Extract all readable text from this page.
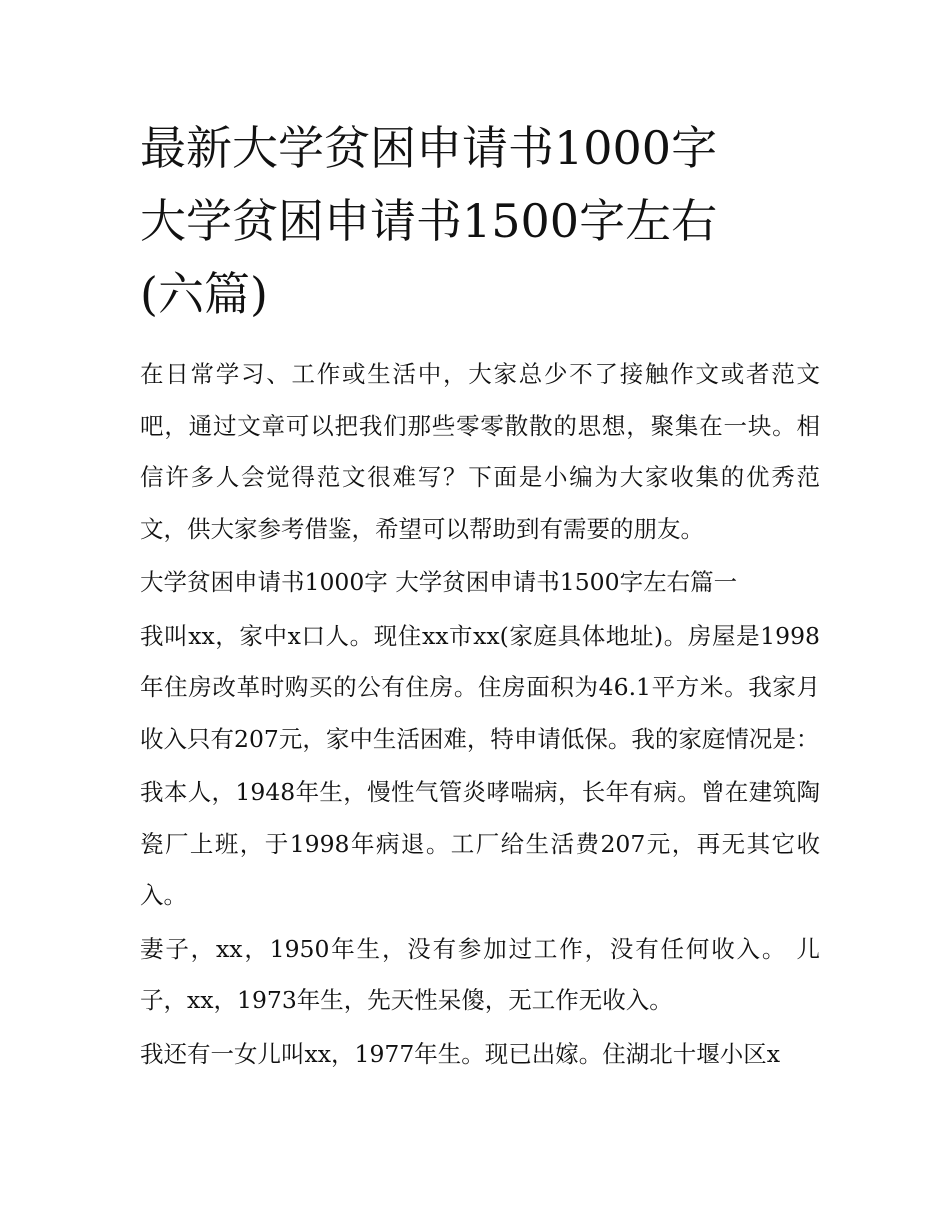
最新大学贫困申请书1000字
大学贫困申请书1500字左右
(六篇)

在日常学习、工作或生活中，大家总少不了接触作文或者范文吧，通过文章可以把我们那些零零散散的思想，聚集在一块。相信许多人会觉得范文很难写？下面是小编为大家收集的优秀范文，供大家参考借鉴，希望可以帮助到有需要的朋友。

大学贫困申请书1000字 大学贫困申请书1500字左右篇一

我叫xx，家中x口人。现住xx市xx(家庭具体地址)。房屋是1998年住房改革时购买的公有住房。住房面积为46.1平方米。我家月收入只有207元，家中生活困难，特申请低保。我的家庭情况是：

我本人，1948年生，慢性气管炎哮喘病，长年有病。曾在建筑陶瓷厂上班，于1998年病退。工厂给生活费207元，再无其它收入。

妻子，xx，1950年生，没有参加过工作，没有任何收入。 儿子，xx，1973年生，先天性呆傻，无工作无收入。

我还有一女儿叫xx，1977年生。现已出嫁。住湖北十堰小区x
